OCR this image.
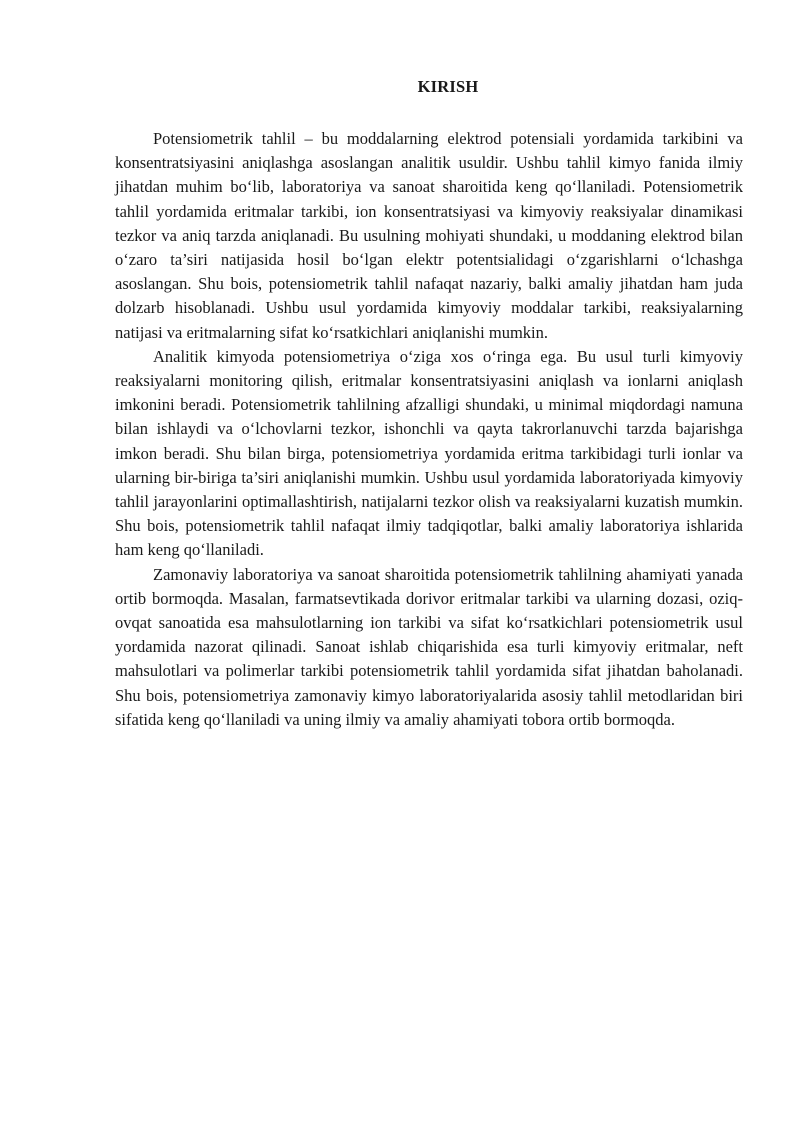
KIRISH

Potensiometrik tahlil – bu moddalarning elektrod potensiali yordamida tarkibini va konsentratsiyasini aniqlashga asoslangan analitik usuldir. Ushbu tahlil kimyo fanida ilmiy jihatdan muhim bo‘lib, laboratoriya va sanoat sharoitida keng qo‘llaniladi. Potensiometrik tahlil yordamida eritmalar tarkibi, ion konsentratsiyasi va kimyoviy reaksiyalar dinamikasi tezkor va aniq tarzda aniqlanadi. Bu usulning mohiyati shundaki, u moddaning elektrod bilan o‘zaro ta’siri natijasida hosil bo‘lgan elektr potentsialidagi o‘zgarishlarni o‘lchashga asoslangan. Shu bois, potensiometrik tahlil nafaqat nazariy, balki amaliy jihatdan ham juda dolzarb hisoblanadi. Ushbu usul yordamida kimyoviy moddalar tarkibi, reaksiyalarning natijasi va eritmalarning sifat ko‘rsatkichlari aniqlanishi mumkin.

Analitik kimyoda potensiometriya o‘ziga xos o‘ringa ega. Bu usul turli kimyoviy reaksiyalarni monitoring qilish, eritmalar konsentratsiyasini aniqlash va ionlarni aniqlash imkonini beradi. Potensiometrik tahlilning afzalligi shundaki, u minimal miqdordagi namuna bilan ishlaydi va o‘lchovlarni tezkor, ishonchli va qayta takrorlanuvchi tarzda bajarishga imkon beradi. Shu bilan birga, potensiometriya yordamida eritma tarkibidagi turli ionlar va ularning bir-biriga ta’siri aniqlanishi mumkin. Ushbu usul yordamida laboratoriyada kimyoviy tahlil jarayonlarini optimallashtirish, natijalarni tezkor olish va reaksiyalarni kuzatish mumkin. Shu bois, potensiometrik tahlil nafaqat ilmiy tadqiqotlar, balki amaliy laboratoriya ishlarida ham keng qo‘llaniladi.

Zamonaviy laboratoriya va sanoat sharoitida potensiometrik tahlilning ahamiyati yanada ortib bormoqda. Masalan, farmatsevtikada dorivor eritmalar tarkibi va ularning dozasi, oziq-ovqat sanoatida esa mahsulotlarning ion tarkibi va sifat ko‘rsatkichlari potensiometrik usul yordamida nazorat qilinadi. Sanoat ishlab chiqarishida esa turli kimyoviy eritmalar, neft mahsulotlari va polimerlar tarkibi potensiometrik tahlil yordamida sifat jihatdan baholanadi. Shu bois, potensiometriya zamonaviy kimyo laboratoriyalarida asosiy tahlil metodlaridan biri sifatida keng qo‘llaniladi va uning ilmiy va amaliy ahamiyati tobora ortib bormoqda.
